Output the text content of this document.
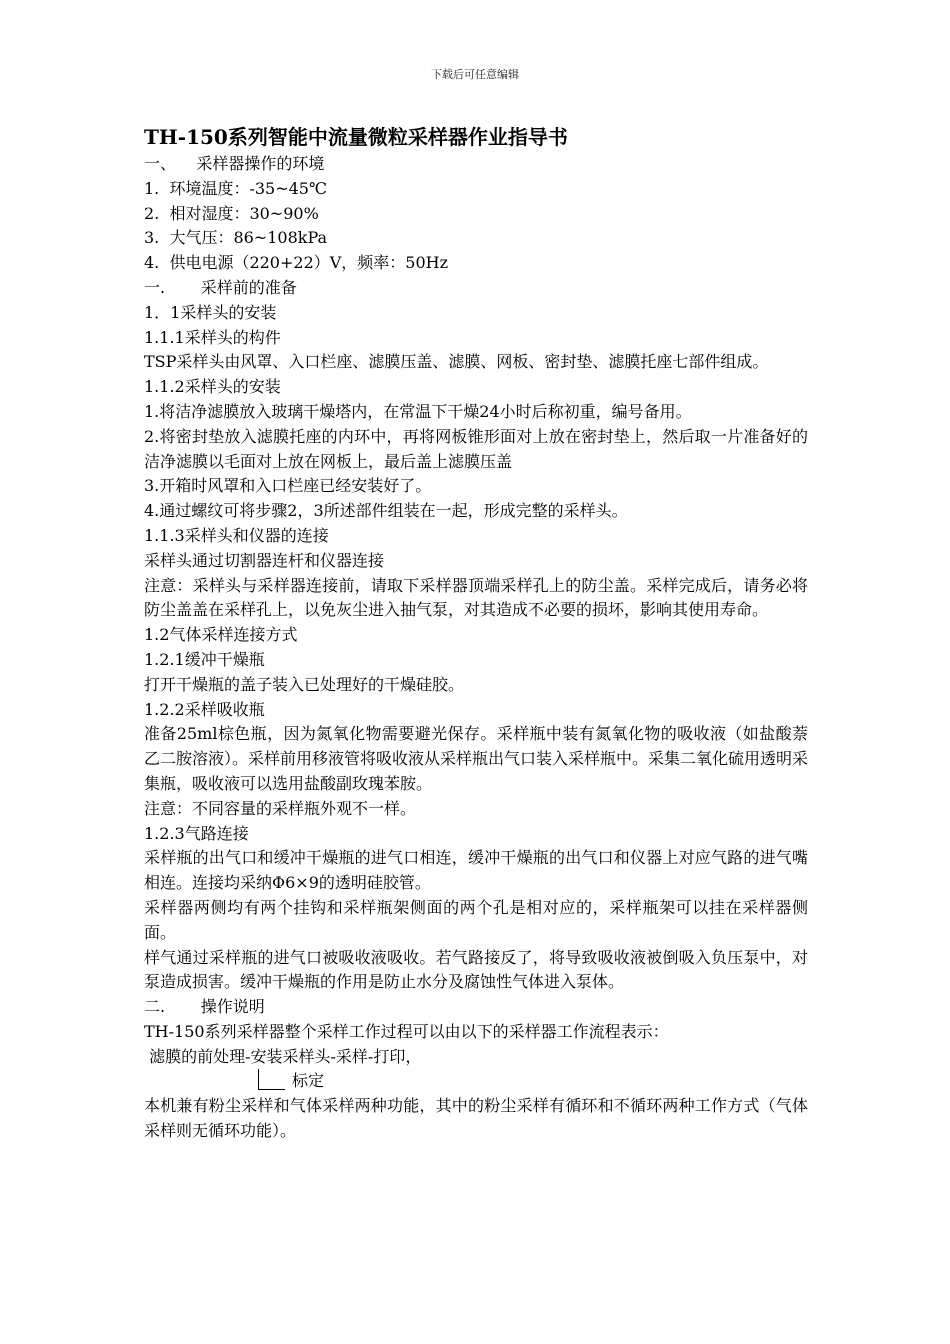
下载后可任意编辑
TH-150系列智能中流量微粒采样器作业指导书
一、    采样器操作的环境
1.  环境温度：-35~45℃
2.  相对湿度：30~90%
3.  大气压：86~108kPa
4.  供电电源（220+22）V，频率：50Hz
一.       采样前的准备
1．1采样头的安装
1.1.1采样头的构件
TSP采样头由风罩、入口栏座、滤膜压盖、滤膜、网板、密封垫、滤膜托座七部件组成。
1.1.2采样头的安装
1.将洁净滤膜放入玻璃干燥塔内，在常温下干燥24小时后称初重，编号备用。
2.将密封垫放入滤膜托座的内环中，再将网板锥形面对上放在密封垫上，然后取一片准备好的洁净滤膜以毛面对上放在网板上，最后盖上滤膜压盖
3.开箱时风罩和入口栏座已经安装好了。
4.通过螺纹可将步骤2，3所述部件组装在一起，形成完整的采样头。
1.1.3采样头和仪器的连接
采样头通过切割器连杆和仪器连接
注意：采样头与采样器连接前，请取下采样器顶端采样孔上的防尘盖。采样完成后，请务必将防尘盖盖在采样孔上，以免灰尘进入抽气泵，对其造成不必要的损坏，影响其使用寿命。
1.2气体采样连接方式
1.2.1缓冲干燥瓶
打开干燥瓶的盖子装入已处理好的干燥硅胶。
1.2.2采样吸收瓶
准备25ml棕色瓶，因为氮氧化物需要避光保存。采样瓶中装有氮氧化物的吸收液（如盐酸萘乙二胺溶液）。采样前用移液管将吸收液从采样瓶出气口装入采样瓶中。采集二氧化硫用透明采集瓶，吸收液可以选用盐酸副玫瑰苯胺。
注意：不同容量的采样瓶外观不一样。
1.2.3气路连接
采样瓶的出气口和缓冲干燥瓶的进气口相连，缓冲干燥瓶的出气口和仪器上对应气路的进气嘴相连。连接均采纳Φ6×9的透明硅胶管。
采样器两侧均有两个挂钩和采样瓶架侧面的两个孔是相对应的，采样瓶架可以挂在采样器侧面。
样气通过采样瓶的进气口被吸收液吸收。若气路接反了，将导致吸收液被倒吸入负压泵中，对泵造成损害。缓冲干燥瓶的作用是防止水分及腐蚀性气体进入泵体。
二.       操作说明
TH-150系列采样器整个采样工作过程可以由以下的采样器工作流程表示：
滤膜的前处理-安装采样头-采样-打印，
标定
本机兼有粉尘采样和气体采样两种功能，其中的粉尘采样有循环和不循环两种工作方式（气体采样则无循环功能）。
